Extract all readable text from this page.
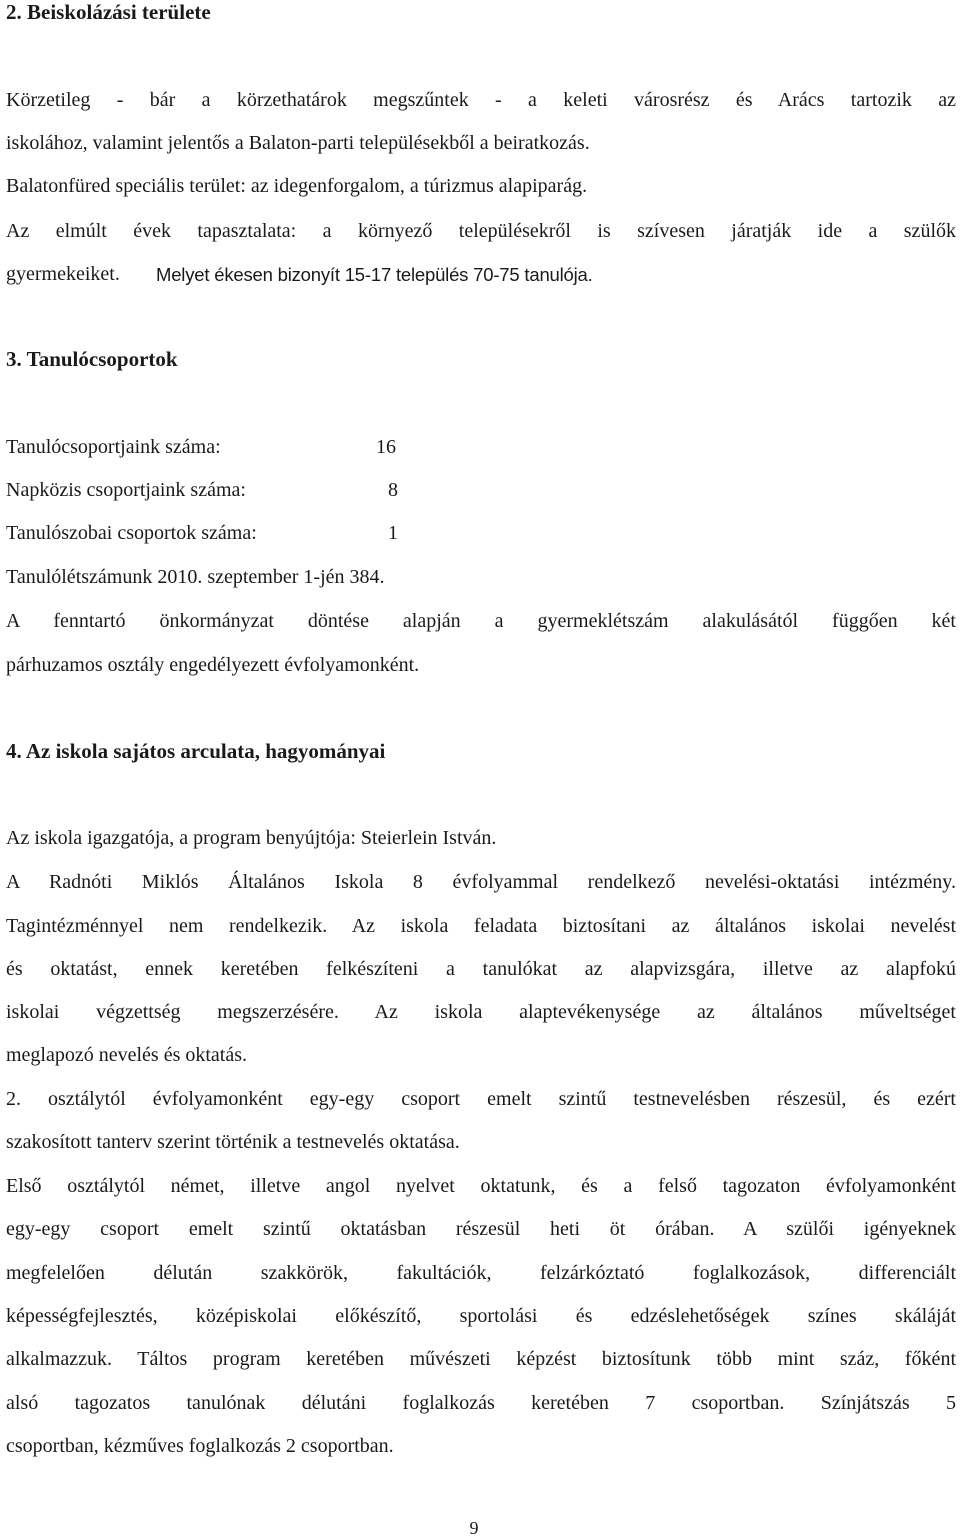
2. Beiskolázási területe
Körzetileg - bár a körzethatárok megszűntek - a keleti városrész és Arács tartozik az
iskolához, valamint jelentős a Balaton-parti településekből a beiratkozás.
Balatonfüred speciális terület: az idegenforgalom, a túrizmus alapiparág.
Az elmúlt évek tapasztalata: a környező településekről is szívesen járatják ide a szülők
gyermekeiket. Melyet ékesen bizonyít 15-17 település 70-75 tanulója.
3. Tanulócsoportok
Tanulócsoportjaink száma:	16
Napközis csoportjaink száma:	8
Tanulószobai csoportok száma:	1
Tanulólétszámunk 2010. szeptember 1-jén 384.
A fenntartó önkormányzat döntése alapján a gyermeklétszám alakulásától függően két
párhuzamos osztály engedélyezett évfolyamonként.
4. Az iskola sajátos arculata, hagyományai
Az iskola igazgatója, a program benyújtója: Steierlein István.
A Radnóti Miklós Általános Iskola 8 évfolyammal rendelkező nevelési-oktatási intézmény.
Tagintézménnyel nem rendelkezik. Az iskola feladata biztosítani az általános iskolai nevelést
és oktatást, ennek keretében felkészíteni a tanulókat az alapvizsgára, illetve az alapfokú
iskolai végzettség megszerzésére. Az iskola alaptevékenysége az általános műveltséget
meglapozó nevelés és oktatás.
2. osztálytól évfolyamonként egy-egy csoport emelt szintű testnevelésben részesül, és ezért
szakosított tanterv szerint történik a testnevelés oktatása.
Első osztálytól német, illetve angol nyelvet oktatunk, és a felső tagozaton évfolyamonként
egy-egy csoport emelt szintű oktatásban részesül heti öt órában. A szülői igényeknek
megfelelően délután szakkörök, fakultációk, felzárkóztató foglalkozások, differenciált
képességfejlesztés, középiskolai előkészítő, sportolási és edzéslehetőségek színes skáláját
alkalmazzuk. Táltos program keretében művészeti képzést biztosítunk több mint száz, főként
alsó tagozatos tanulónak délutáni foglalkozás keretében 7 csoportban. Színjátszás 5
csoportban, kézműves foglalkozás 2 csoportban.
9
